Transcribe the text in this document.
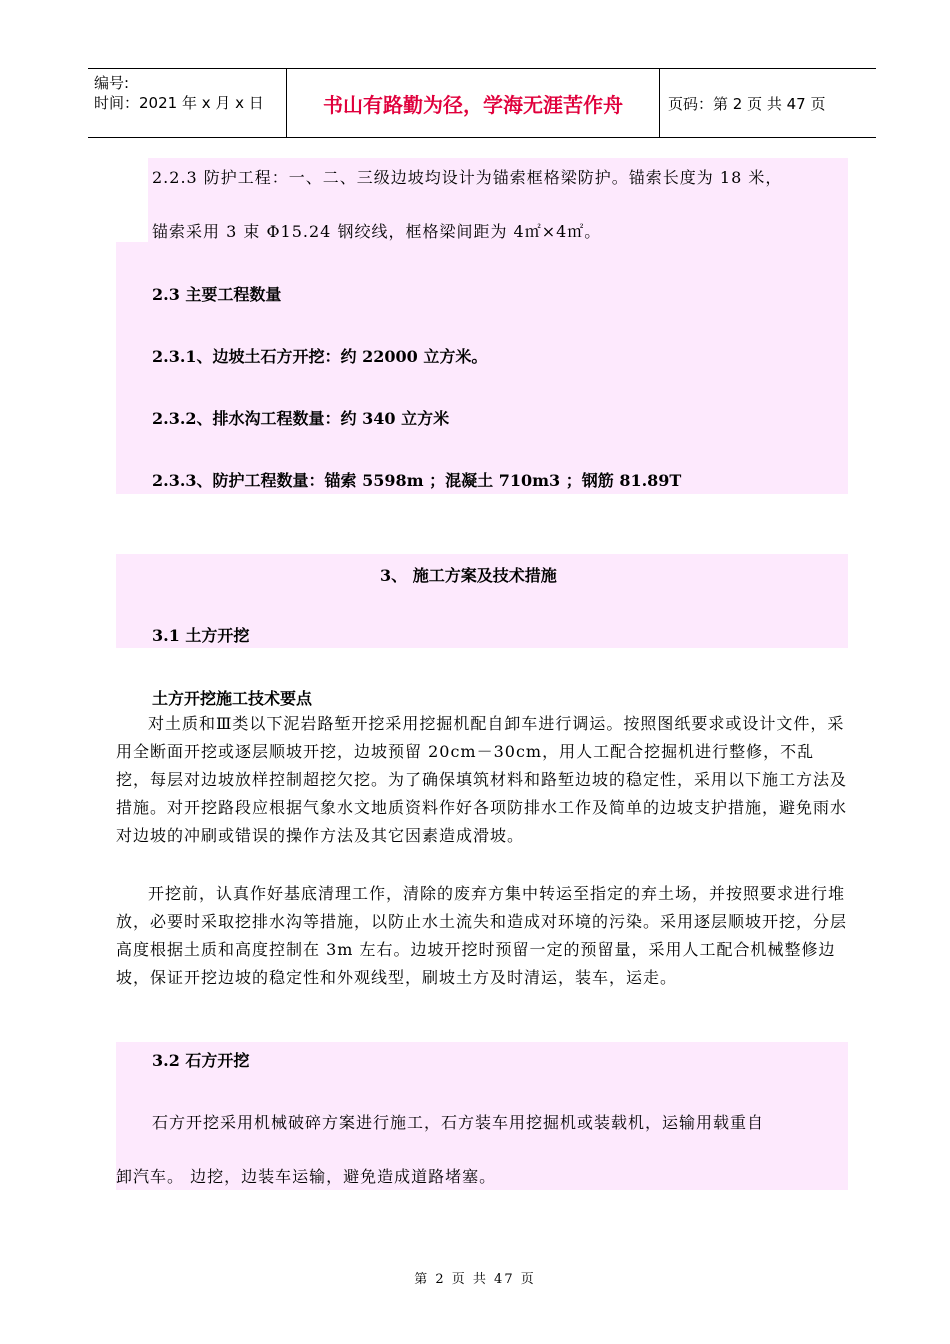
编号:
时间：2021 年 x 月 x 日	书山有路勤为径，学海无涯苦作舟	页码：第 2 页 共 47 页
2.2.3 防护工程：一、二、三级边坡均设计为锚索框格梁防护。锚索长度为 18 米，
锚索采用 3 束 Φ15.24 钢绞线，框格梁间距为 4㎡×4㎡。
2.3 主要工程数量
2.3.1、边坡土石方开挖：约 22000 立方米。
2.3.2、排水沟工程数量：约 340 立方米
2.3.3、防护工程数量：锚索 5598m ；混凝土 710m3 ；钢筋 81.89T
3、 施工方案及技术措施
3.1 土方开挖
土方开挖施工技术要点
对土质和Ⅲ类以下泥岩路堑开挖采用挖掘机配自卸车进行调运。按照图纸要求或设计文件，采用全断面开挖或逐层顺坡开挖，边坡预留 20cm－30cm，用人工配合挖掘机进行整修，不乱挖，每层对边坡放样控制超挖欠挖。为了确保填筑材料和路堑边坡的稳定性，采用以下施工方法及措施。对开挖路段应根据气象水文地质资料作好各项防排水工作及简单的边坡支护措施，避免雨水对边坡的冲刷或错误的操作方法及其它因素造成滑坡。
开挖前，认真作好基底清理工作，清除的废弃方集中转运至指定的弃土场，并按照要求进行堆放，必要时采取挖排水沟等措施，以防止水土流失和造成对环境的污染。采用逐层顺坡开挖，分层高度根据土质和高度控制在 3m 左右。边坡开挖时预留一定的预留量，采用人工配合机械整修边坡，保证开挖边坡的稳定性和外观线型，刷坡土方及时清运，装车，运走。
3.2 石方开挖
石方开挖采用机械破碎方案进行施工，石方装车用挖掘机或装载机，运输用载重自
卸汽车。 边挖，边装车运输，避免造成道路堵塞。
第 2 页 共 47 页
